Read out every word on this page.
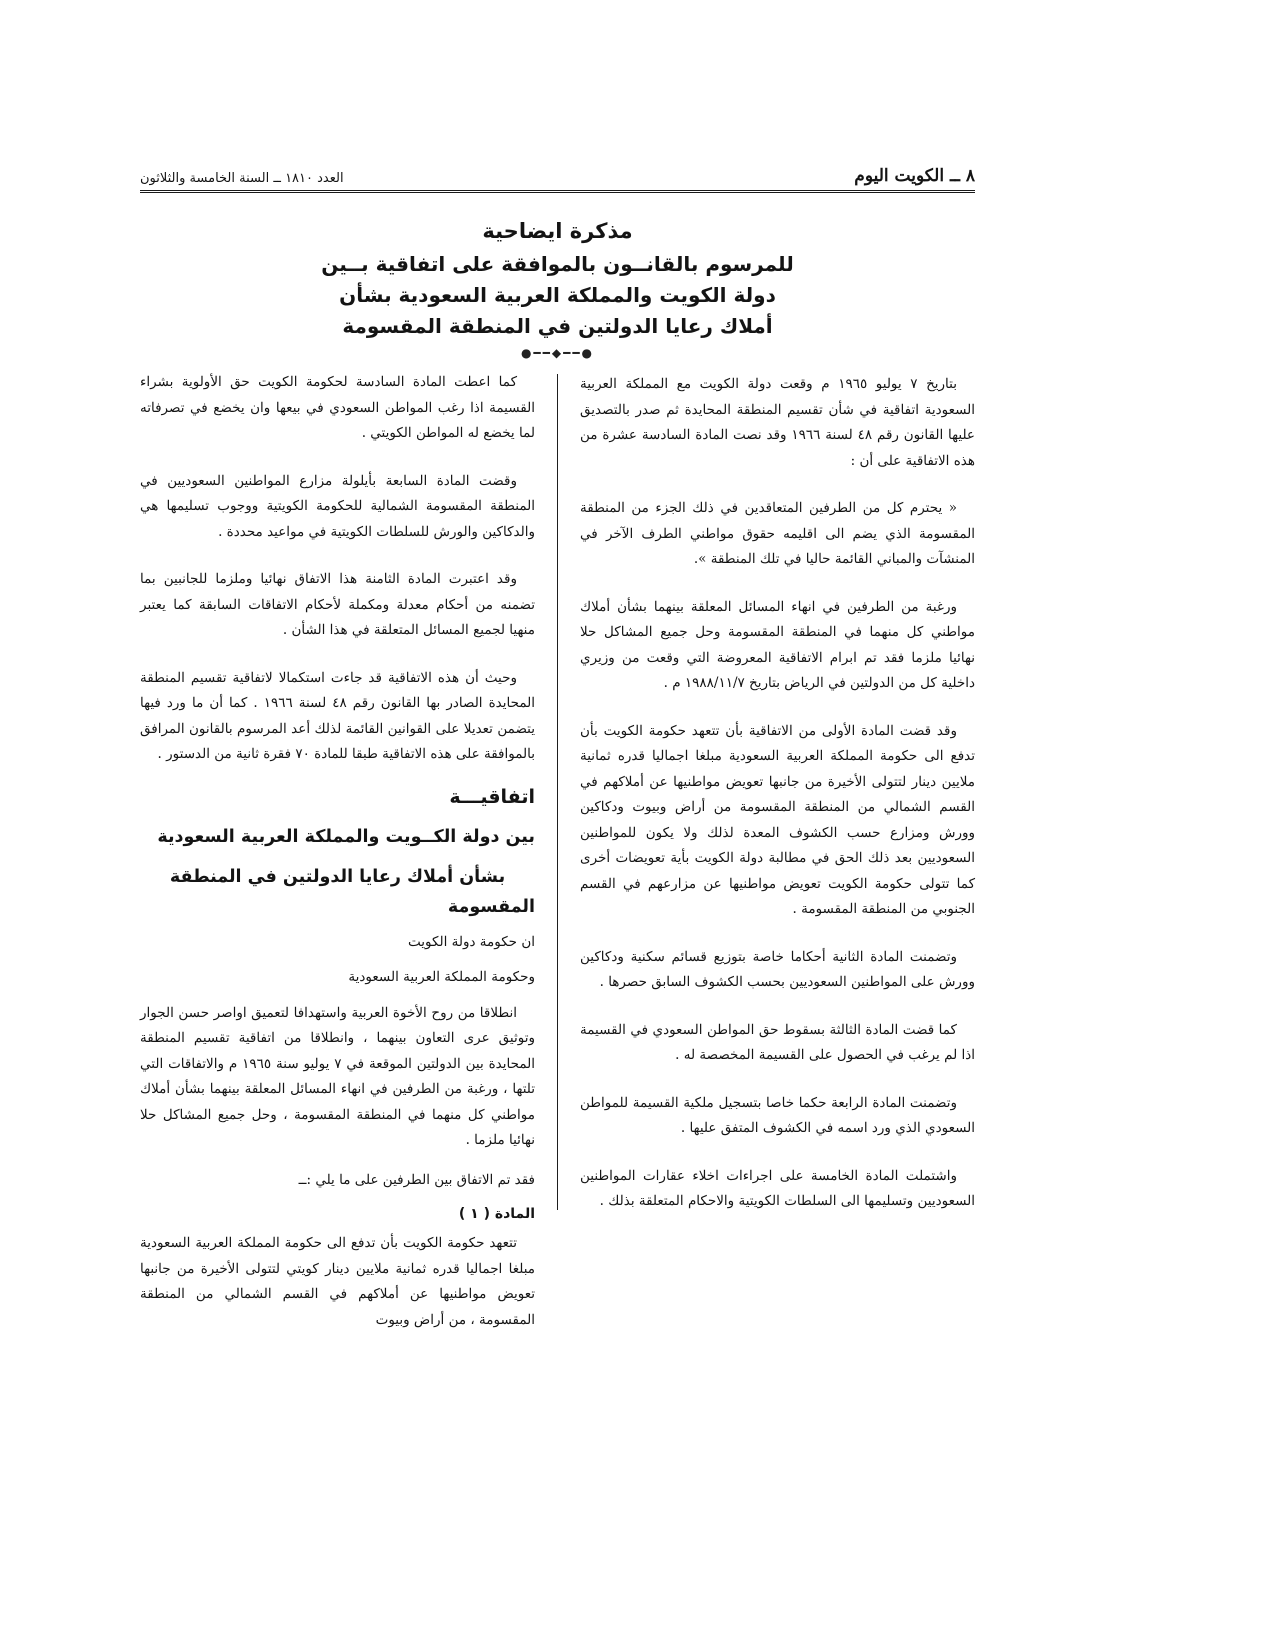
٨ ــ الكويت اليوم
العدد ١٨١٠ ــ السنة الخامسة والثلاثون
مذكرة ايضاحية
للمرسوم بالقانــون بالموافقة على اتفاقية بــين
دولة الكويت والمملكة العربية السعودية بشأن
أملاك رعايا الدولتين في المنطقة المقسومة
●━━◆━━●

بتاريخ ٧ يوليو ١٩٦٥ م وقعت دولة الكويت مع المملكة العربية السعودية اتفاقية في شأن تقسيم المنطقة المحايدة ثم صدر بالتصديق عليها القانون رقم ٤٨ لسنة ١٩٦٦ وقد نصت المادة السادسة عشرة من هذه الاتفاقية على أن :

« يحترم كل من الطرفين المتعاقدين في ذلك الجزء من المنطقة المقسومة الذي يضم الى اقليمه حقوق مواطني الطرف الآخر في المنشآت والمباني القائمة حاليا في تلك المنطقة ».

ورغبة من الطرفين في انهاء المسائل المعلقة بينهما بشأن أملاك مواطني كل منهما في المنطقة المقسومة وحل جميع المشاكل حلا نهائيا ملزما فقد تم ابرام الاتفاقية المعروضة التي وقعت من وزيري داخلية كل من الدولتين في الرياض بتاريخ ١٩٨٨/١١/٧ م .

وقد قضت المادة الأولى من الاتفاقية بأن تتعهد حكومة الكويت بأن تدفع الى حكومة المملكة العربية السعودية مبلغا اجماليا قدره ثمانية ملايين دينار لتتولى الأخيرة من جانبها تعويض مواطنيها عن أملاكهم في القسم الشمالي من المنطقة المقسومة من أراض وبيوت ودكاكين وورش ومزارع حسب الكشوف المعدة لذلك ولا يكون للمواطنين السعوديين بعد ذلك الحق في مطالبة دولة الكويت بأية تعويضات أخرى كما تتولى حكومة الكويت تعويض مواطنيها عن مزارعهم في القسم الجنوبي من المنطقة المقسومة .

وتضمنت المادة الثانية أحكاما خاصة بتوزيع قسائم سكنية ودكاكين وورش على المواطنين السعوديين بحسب الكشوف السابق حصرها .

كما قضت المادة الثالثة بسقوط حق المواطن السعودي في القسيمة اذا لم يرغب في الحصول على القسيمة المخصصة له .

وتضمنت المادة الرابعة حكما خاصا بتسجيل ملكية القسيمة للمواطن السعودي الذي ورد اسمه في الكشوف المتفق عليها .

واشتملت المادة الخامسة على اجراءات اخلاء عقارات المواطنين السعوديين وتسليمها الى السلطات الكويتية والاحكام المتعلقة بذلك .

كما اعطت المادة السادسة لحكومة الكويت حق الأولوية بشراء القسيمة اذا رغب المواطن السعودي في بيعها وان يخضع في تصرفاته لما يخضع له المواطن الكويتي .

وقضت المادة السابعة بأيلولة مزارع المواطنين السعوديين في المنطقة المقسومة الشمالية للحكومة الكويتية ووجوب تسليمها هي والدكاكين والورش للسلطات الكويتية في مواعيد محددة .

وقد اعتبرت المادة الثامنة هذا الاتفاق نهائيا وملزما للجانبين بما تضمنه من أحكام معدلة ومكملة لأحكام الاتفاقات السابقة كما يعتبر منهيا لجميع المسائل المتعلقة في هذا الشأن .

وحيث أن هذه الاتفاقية قد جاءت استكمالا لاتفاقية تقسيم المنطقة المحايدة الصادر بها القانون رقم ٤٨ لسنة ١٩٦٦ . كما أن ما ورد فيها يتضمن تعديلا على القوانين القائمة لذلك أعد المرسوم بالقانون المرافق بالموافقة على هذه الاتفاقية طبقا للمادة ٧٠ فقرة ثانية من الدستور .

اتفاقيـــة
بين دولة الكــويت والمملكة العربية السعودية
بشأن أملاك رعايا الدولتين في المنطقة المقسومة

ان حكومة دولة الكويت

وحكومة المملكة العربية السعودية

انطلاقا من روح الأخوة العربية واستهدافا لتعميق اواصر حسن الجوار وتوثيق عرى التعاون بينهما ، وانطلاقا من اتفاقية تقسيم المنطقة المحايدة بين الدولتين الموقعة في ٧ يوليو سنة ١٩٦٥ م والاتفاقات التي تلتها ، ورغبة من الطرفين في انهاء المسائل المعلقة بينهما بشأن أملاك مواطني كل منهما في المنطقة المقسومة ، وحل جميع المشاكل حلا نهائيا ملزما .

فقد تم الاتفاق بين الطرفين على ما يلي :ــ

المادة ( ١ )

تتعهد حكومة الكويت بأن تدفع الى حكومة المملكة العربية السعودية مبلغا اجماليا قدره ثمانية ملايين دينار كويتي لتتولى الأخيرة من جانبها تعويض مواطنيها عن أملاكهم في القسم الشمالي من المنطقة المقسومة ، من أراض وبيوت
